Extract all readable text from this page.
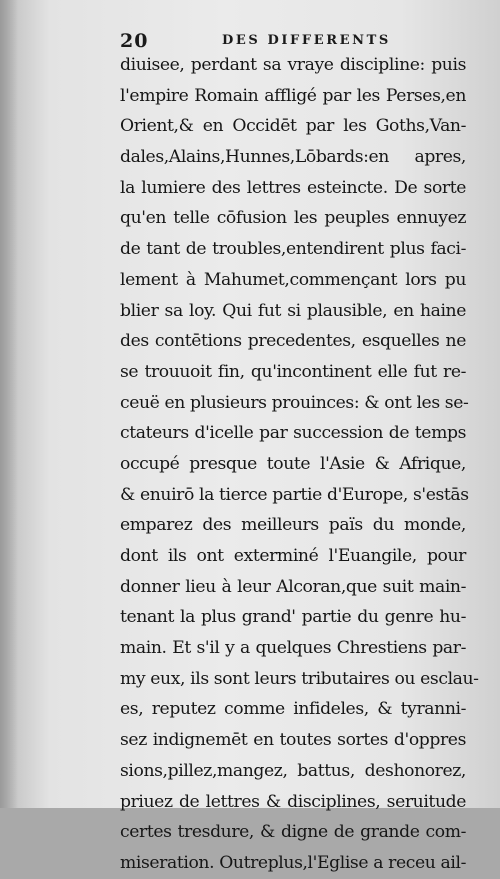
20	DES DIFFERENTS
diuisee, perdant sa vraye discipline: puis
l'empire Romain affligé par les Perses,en
Orient,& en Occidēt par les Goths,Van-
dales,Alains,Hunnes,Lōbards:en apres,
la lumiere des lettres esteincte. De sorte
qu'en telle cōfusion les peuples ennuyez
de tant de troubles,entendirent plus faci-
lement à Mahumet,commençant lors pu
blier sa loy. Qui fut si plausible, en haine
des contētions precedentes, esquelles ne
se trouuoit fin, qu'incontinent elle fut re-
ceuë en plusieurs prouinces: & ont les se-
ctateurs d'icelle par succession de temps
occupé presque toute l'Asie & Afrique,
& enuirō la tierce partie d'Europe, s'estās
emparez des meilleurs païs du monde,
dont ils ont exterminé l'Euangile, pour
donner lieu à leur Alcoran,que suit main-
tenant la plus grand' partie du genre hu-
main. Et s'il y a quelques Chrestiens par-
my eux, ils sont leurs tributaires ou esclau-
es, reputez comme infideles, & tyranni-
sez indignemēt en toutes sortes d'oppres
sions,pillez,mangez, battus, deshonorez,
priuez de lettres & disciplines, seruitude
certes tresdure, & digne de grande com-
miseration. Outreplus,l'Eglise a receu ail-
